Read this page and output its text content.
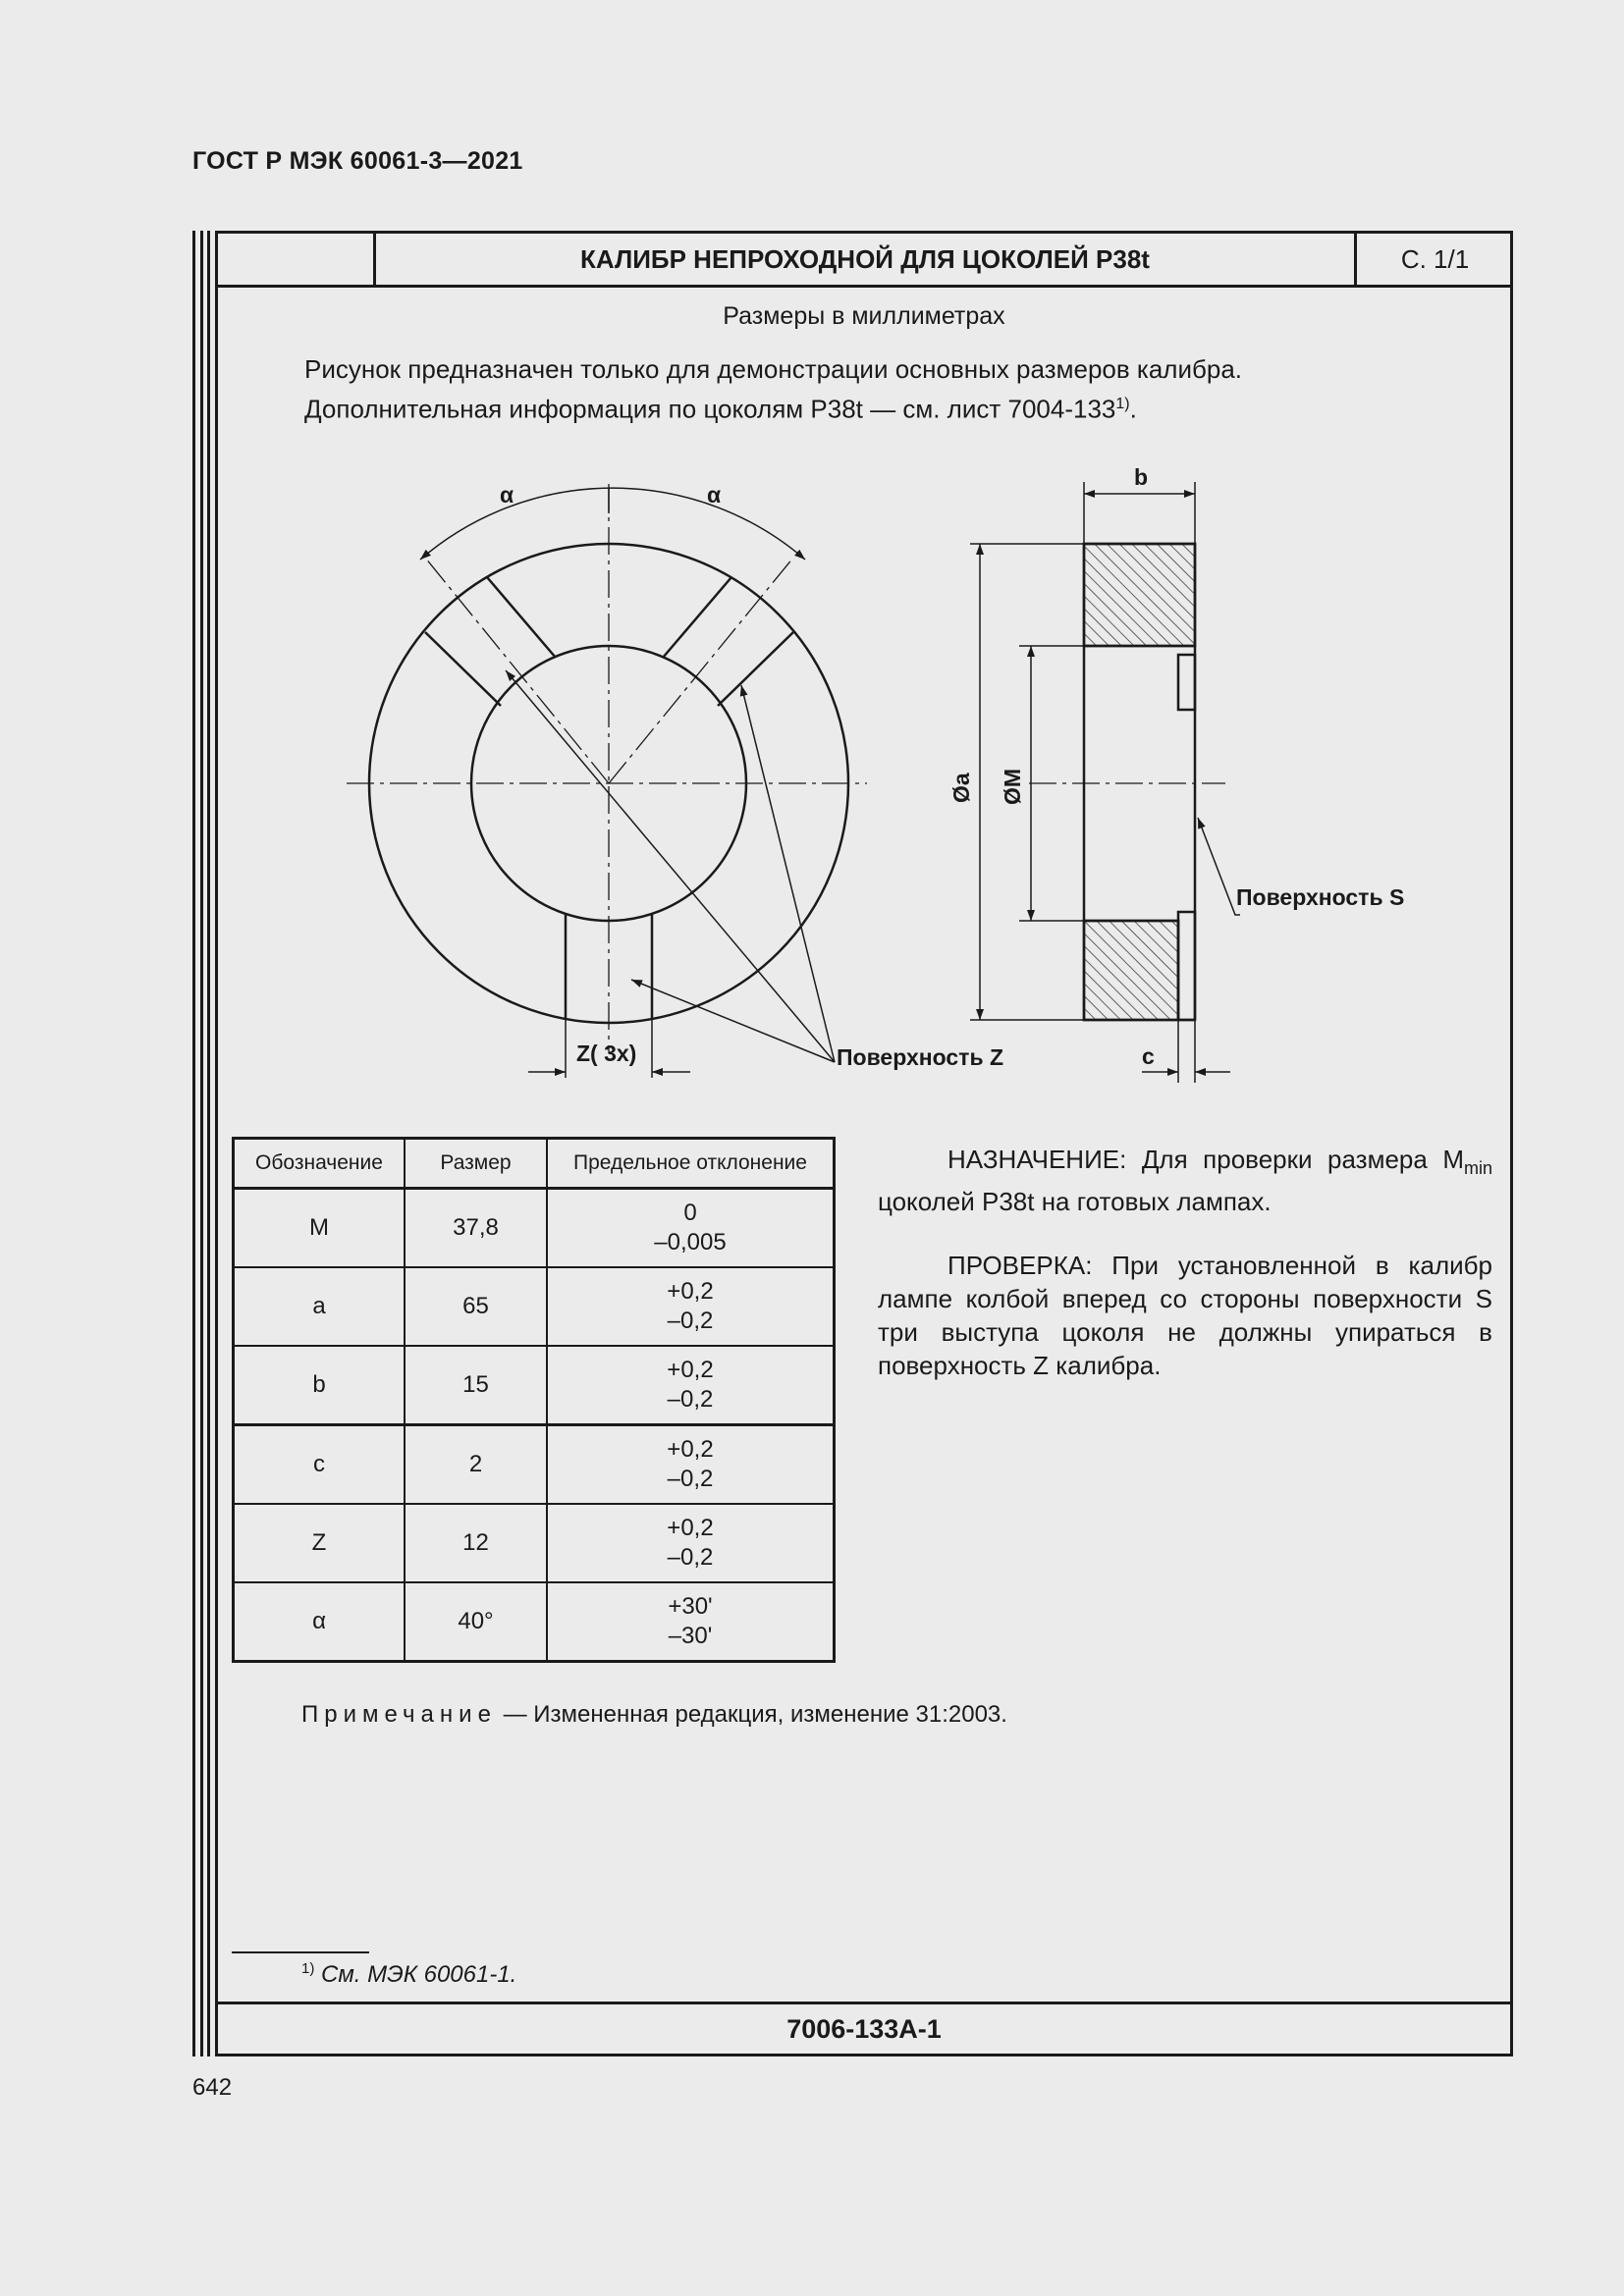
ГОСТ Р МЭК 60061-3—2021
КАЛИБР НЕПРОХОДНОЙ ДЛЯ ЦОКОЛЕЙ P38t	С. 1/1
Размеры в миллиметрах
Рисунок предназначен только для демонстрации основных размеров калибра.
Дополнительная информация по цоколям P38t — см. лист 7004-133$^{1)}$.
α	α
Z( 3x)	Поверхность Z
Поверхность S
b
c
Øa ØM
7006-133A-1
Обозначение	Размер	Предельное отклонение
M	37,8	0
–0,005

a	65	+0,2
–0,2

b	15	+0,2
–0,2

c	2	+0,2
–0,2

Z	12	+0,2
–0,2

α	40°	+30'
–30'

НАЗНАЧЕНИЕ: Для проверки размера $M_{min}$ цоколей P38t на готовых лампах.

ПРОВЕРКА: При установленной в калибр лампе колбой вперед со стороны поверхности S три выступа цоколя не должны упираться в поверхность Z калибра.

Примечание — Измененная редакция, изменение 31:2003.
$^{1)}$ См. МЭК 60061-1.
642
